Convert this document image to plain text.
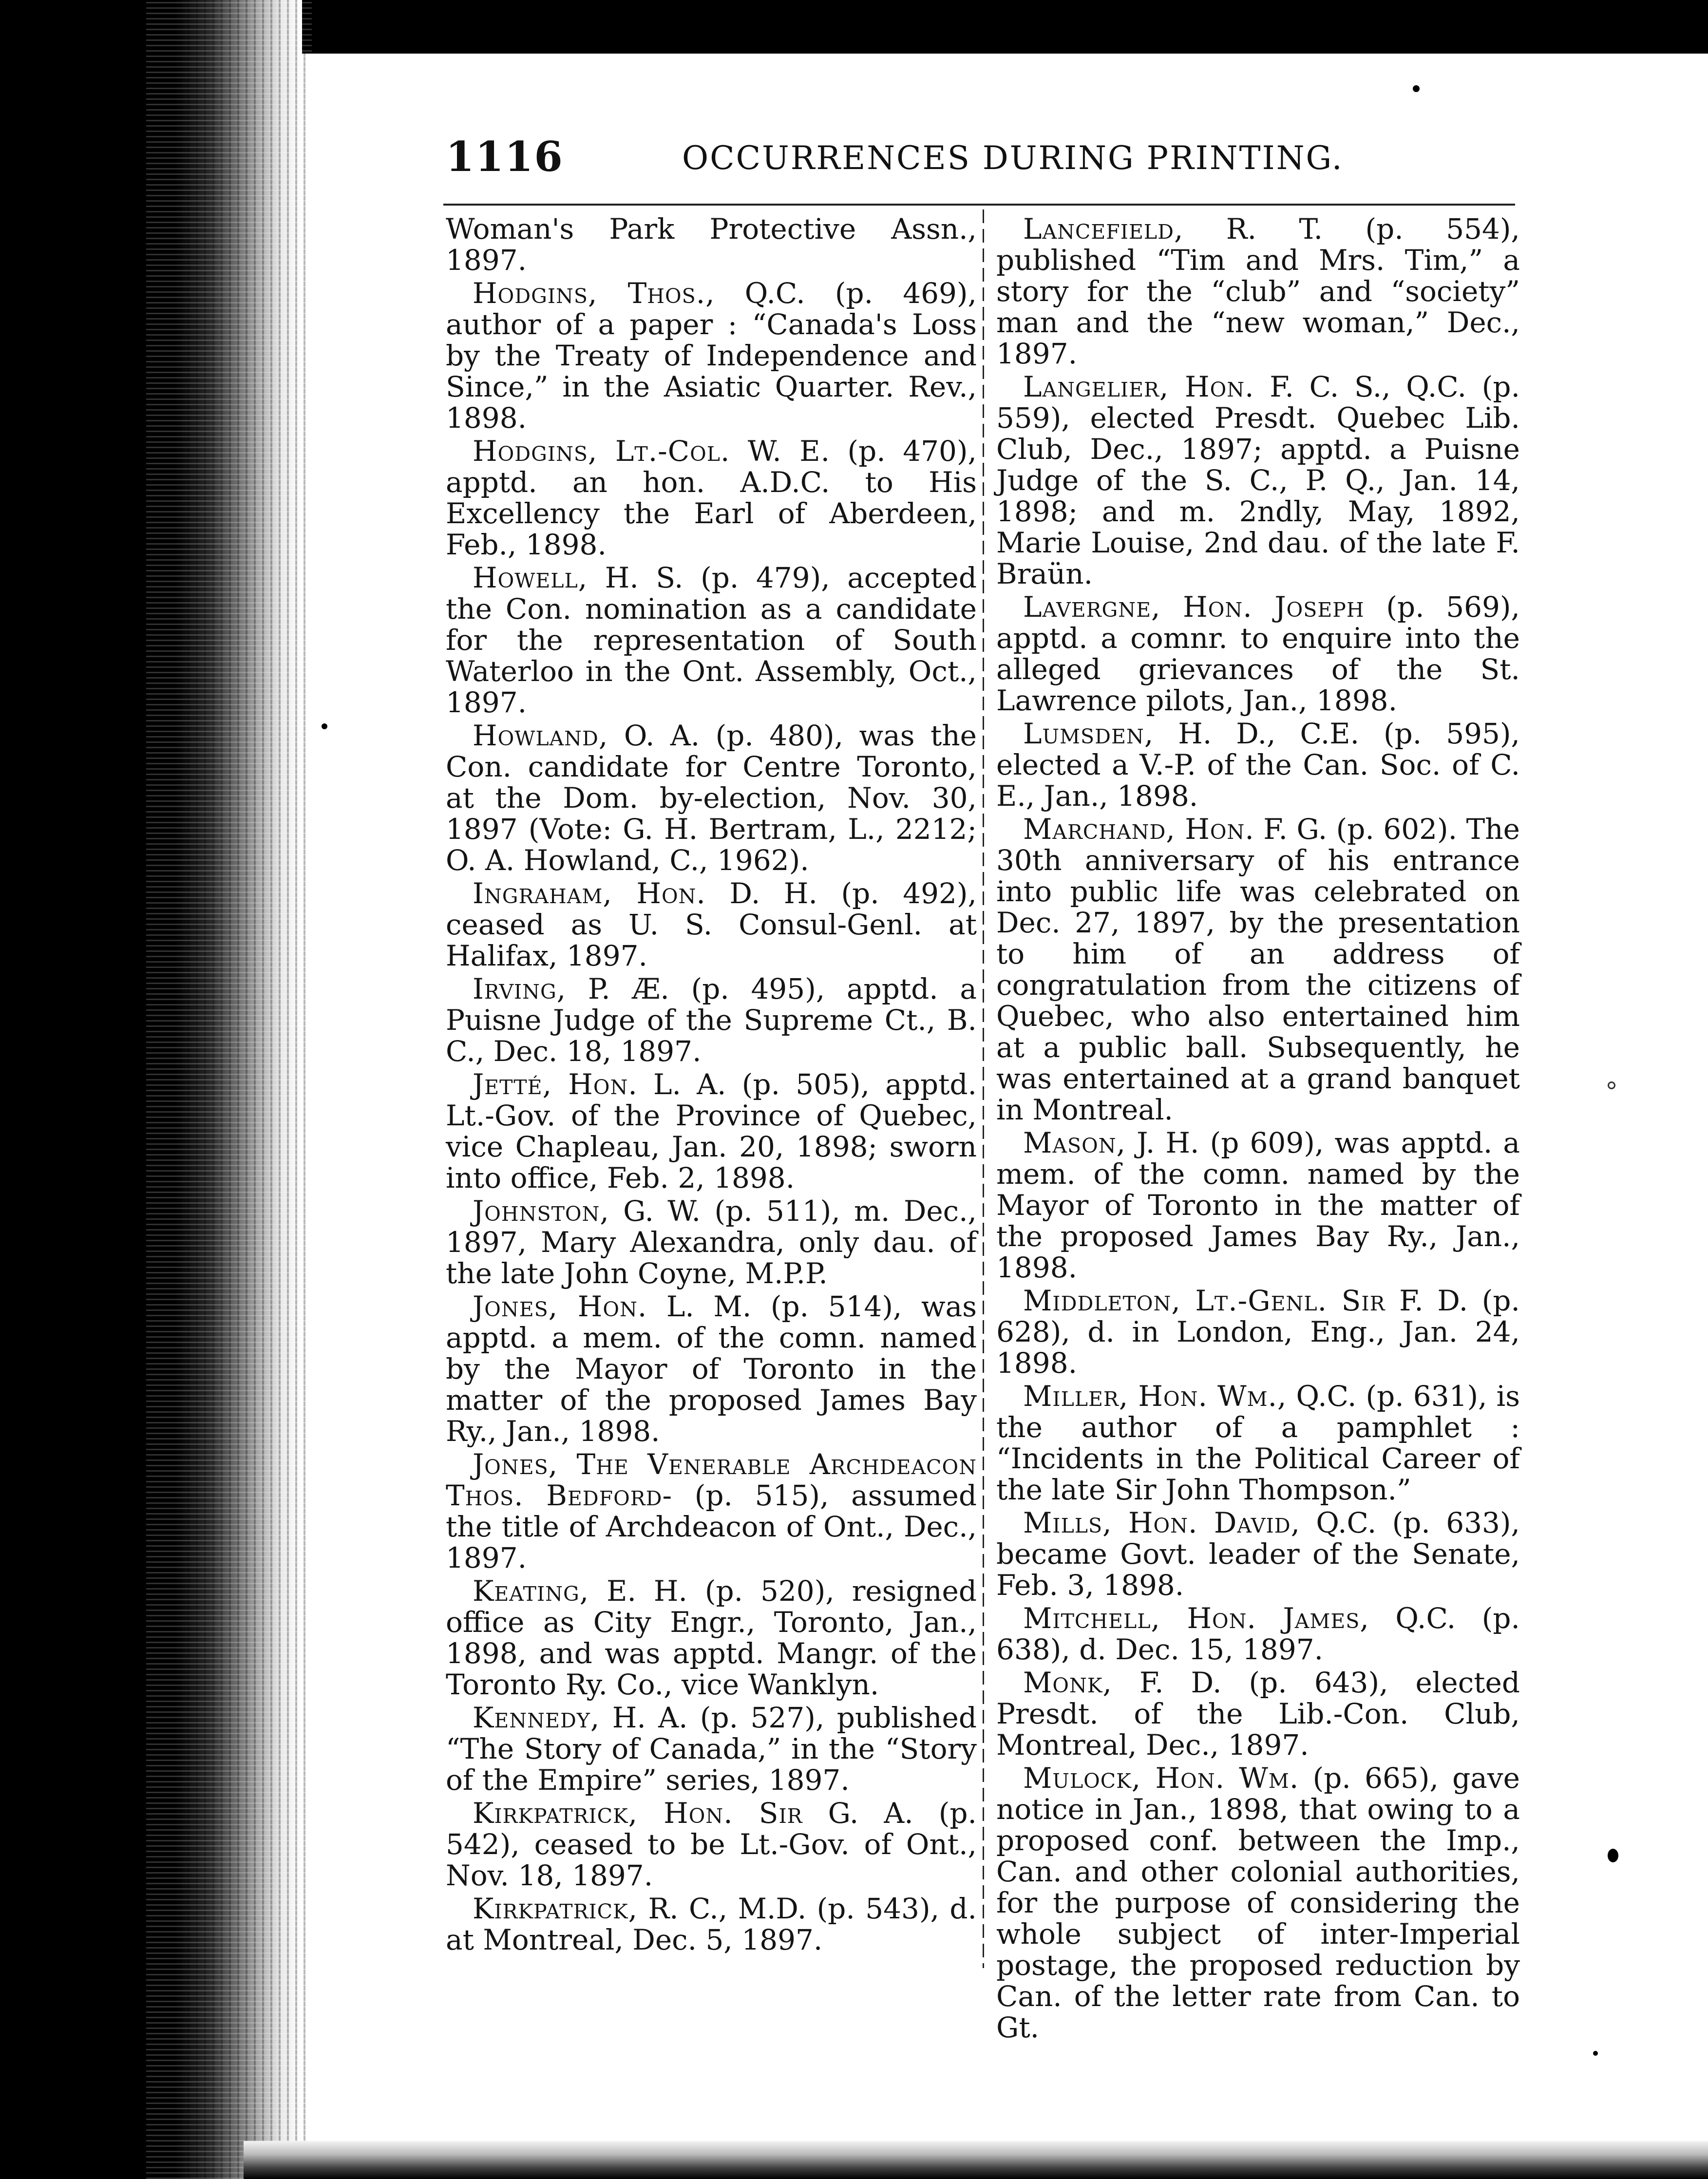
1116	OCCURRENCES DURING PRINTING.

Woman's Park Protective Assn., 1897.

Hodgins, Thos., Q.C. (p. 469), author of a paper : “Canada's Loss by the Treaty of Independence and Since,” in the Asiatic Quarter. Rev., 1898.

Hodgins, Lt.-Col. W. E. (p. 470), apptd. an hon. A.D.C. to His Excellency the Earl of Aberdeen, Feb., 1898.

Howell, H. S. (p. 479), accepted the Con. nomination as a candidate for the representation of South Waterloo in the Ont. Assembly, Oct., 1897.

Howland, O. A. (p. 480), was the Con. candidate for Centre Toronto, at the Dom. by-election, Nov. 30, 1897 (Vote: G. H. Bertram, L., 2212; O. A. Howland, C., 1962).

Ingraham, Hon. D. H. (p. 492), ceased as U. S. Consul-Genl. at Halifax, 1897.

Irving, P. Æ. (p. 495), apptd. a Puisne Judge of the Supreme Ct., B. C., Dec. 18, 1897.

Jetté, Hon. L. A. (p. 505), apptd. Lt.-Gov. of the Province of Quebec, vice Chapleau, Jan. 20, 1898; sworn into office, Feb. 2, 1898.

Johnston, G. W. (p. 511), m. Dec., 1897, Mary Alexandra, only dau. of the late John Coyne, M.P.P.

Jones, Hon. L. M. (p. 514), was apptd. a mem. of the comn. named by the Mayor of Toronto in the matter of the proposed James Bay Ry., Jan., 1898.

Jones, The Venerable Archdeacon Thos. Bedford- (p. 515), assumed the title of Archdeacon of Ont., Dec., 1897.

Keating, E. H. (p. 520), resigned office as City Engr., Toronto, Jan., 1898, and was apptd. Mangr. of the Toronto Ry. Co., vice Wanklyn.

Kennedy, H. A. (p. 527), published “The Story of Canada,” in the “Story of the Empire” series, 1897.

Kirkpatrick, Hon. Sir G. A. (p. 542), ceased to be Lt.-Gov. of Ont., Nov. 18, 1897.

Kirkpatrick, R. C., M.D. (p. 543), d. at Montreal, Dec. 5, 1897.

Lancefield, R. T. (p. 554), published “Tim and Mrs. Tim,” a story for the “club” and “society” man and the “new woman,” Dec., 1897.

Langelier, Hon. F. C. S., Q.C. (p. 559), elected Presdt. Quebec Lib. Club, Dec., 1897; apptd. a Puisne Judge of the S. C., P. Q., Jan. 14, 1898; and m. 2ndly, May, 1892, Marie Louise, 2nd dau. of the late F. Braün.

Lavergne, Hon. Joseph (p. 569), apptd. a comnr. to enquire into the alleged grievances of the St. Lawrence pilots, Jan., 1898.

Lumsden, H. D., C.E. (p. 595), elected a V.-P. of the Can. Soc. of C. E., Jan., 1898.

Marchand, Hon. F. G. (p. 602). The 30th anniversary of his entrance into public life was celebrated on Dec. 27, 1897, by the presentation to him of an address of congratulation from the citizens of Quebec, who also entertained him at a public ball. Subsequently, he was entertained at a grand banquet in Montreal.

Mason, J. H. (p 609), was apptd. a mem. of the comn. named by the Mayor of Toronto in the matter of the proposed James Bay Ry., Jan., 1898.

Middleton, Lt.-Genl. Sir F. D. (p. 628), d. in London, Eng., Jan. 24, 1898.

Miller, Hon. Wm., Q.C. (p. 631), is the author of a pamphlet : “Incidents in the Political Career of the late Sir John Thompson.”

Mills, Hon. David, Q.C. (p. 633), became Govt. leader of the Senate, Feb. 3, 1898.

Mitchell, Hon. James, Q.C. (p. 638), d. Dec. 15, 1897.

Monk, F. D. (p. 643), elected Presdt. of the Lib.-Con. Club, Montreal, Dec., 1897.

Mulock, Hon. Wm. (p. 665), gave notice in Jan., 1898, that owing to a proposed conf. between the Imp., Can. and other colonial authorities, for the purpose of considering the whole subject of inter-Imperial postage, the proposed reduction by Can. of the letter rate from Can. to Gt.
